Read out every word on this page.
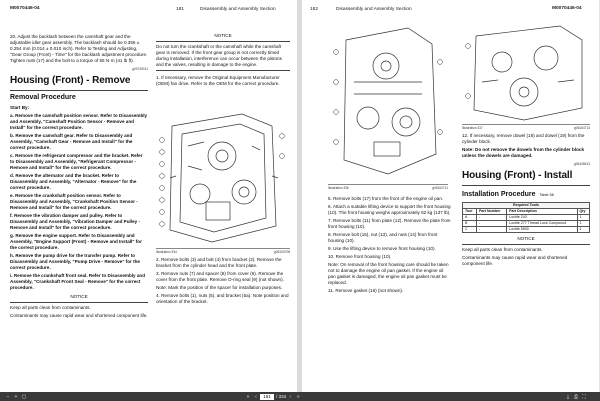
M0070446-04	181	Disassembly and Assembly Section

20. Adjust the backlash between the camshaft gear and the adjustable idler gear assembly. The backlash should be 0.356 ± 0.254 mm (0.014 ± 0.010 inch). Refer to Testing and Adjusting, "Gear Group (Front) - Time" for the backlash adjustment procedure. Tighten nuts (17) and the bolt to a torque of 55 N·m (41 lb ft).

g00749011
Housing (Front) - Remove
Removal Procedure

Start By:

a. Remove the camshaft position sensor. Refer to Disassembly and Assembly, "Camshaft Position Sensor - Remove and Install" for the correct procedure.

b. Remove the camshaft gear. Refer to Disassembly and Assembly, "Camshaft Gear - Remove and Install" for the correct procedure.

c. Remove the refrigerant compressor and the bracket. Refer to Disassembly and Assembly, "Refrigerant Compressor - Remove and Install" for the correct procedure.

d. Remove the alternator and the bracket. Refer to Disassembly and Assembly, "Alternator - Remove" for the correct procedure.

e. Remove the crankshaft position sensor. Refer to Disassembly and Assembly, "Crankshaft Position Sensor - Remove and Install" for the correct procedure.

f. Remove the vibration damper and pulley. Refer to Disassembly and Assembly, "Vibration Damper and Pulley - Remove and Install" for the correct procedure.

g. Remove the engine support. Refer to Disassembly and Assembly, "Engine Support (Front) - Remove and Install" for the correct procedure.

h. Remove the pump drive for the transfer pump. Refer to Disassembly and Assembly, "Pump Drive - Remove" for the correct procedure.

i. Remove the crankshaft front seal. Refer to Disassembly and Assembly, "Crankshaft Front Seal - Remove" for the correct procedure.

NOTICE

Keep all parts clean from contaminants.

Contaminants may cause rapid wear and shortened component life.

NOTICE

Do not turn the crankshaft or the camshaft while the camshaft gear is removed. If the front gear group is not correctly timed during installation, interference can occur between the pistons and the valves, resulting in damage to the engine.

1. If necessary, remove the Original Equipment Manufacturer (OEM) fan drive. Refer to the OEM for the correct procedure.

Illustration 334	g06100708

2. Remove bolts (3) and bolt (4) from bracket (2). Remove the bracket from the cylinder head and the front plate.

3. Remove nuts (7) and spacer (8) from cover (6). Remove the cover from the front plate. Remove O-ring seal (9) (not shown).

Note: Mark the position of the spacer for installation purposes.

4. Remove bolts (1), nuts (5), and bracket (5a). Note position and orientation of the bracket.

182	Disassembly and Assembly Section	M0070446-04
Illustration 336	g06104711

5. Remove bolts (17) from the front of the engine oil pan.

6. Attach a suitable lifting device to support the front housing (10). The front housing weighs approximately 62 kg (137 lb).

7. Remove bolts (11) from plate (12). Remove the plate from front housing (10).

8. Remove bolt (15), nut (13), and nuts (14) from front housing (10).

9. Use the lifting device to remove front housing (10).

10. Remove front housing (10).

Note: On removal of the front housing care should be taken not to damage the engine oil pan gasket. If the engine oil pan gasket is damaged, the engine oil pan gasket must be replaced.

11. Remove gasket (16) (not shown).

Illustration 337	g06104713

12. If necessary, remove dowel (18) and dowel (19) from the cylinder block.

Note: Do not remove the dowels from the cylinder block unless the dowels are damaged.

g06106613
Housing (Front) - Install
Installation Procedure Table 56
Required Tools			
Tool	Part Number	Part Description	Qty
A	-	Loctite 243	1
B	-	Loctite 277 Thread Lock Compound	1
C	-	Loctite 5900	1
NOTICE

Keep all parts clean from contaminants.

Contaminants may cause rapid wear and shortened component life.

−	+ ▢	«	‹
181	/ 334 ›	»	⤓ ⎙ ⛶
